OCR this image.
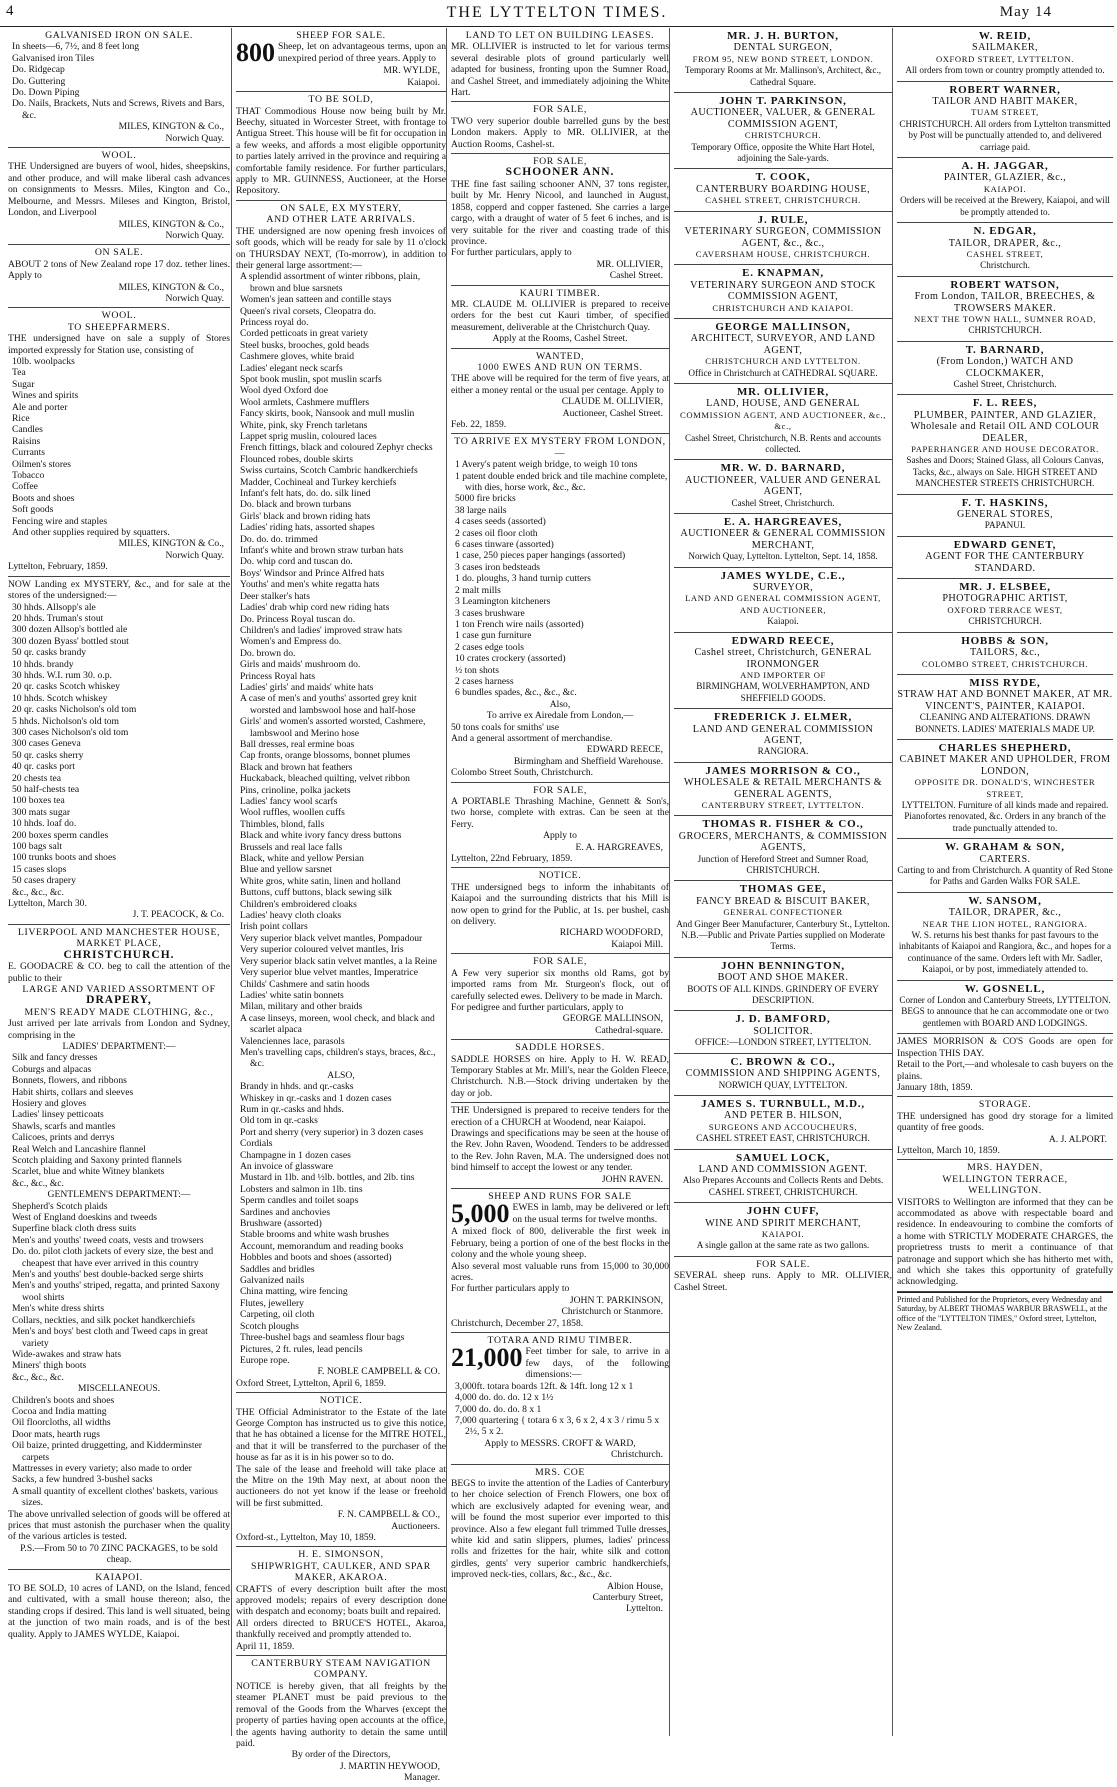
4	THE LYTTELTON TIMES.	May 14
GALVANISED IRON ON SALE.
In sheets—6, 7½, and 8 feet long
Galvanised iron Tiles
Do. Ridgecap
Do. Guttering
Do. Down Piping
Do. Nails, Brackets, Nuts and Screws, Rivets and Bars, &c.
MILES, KINGTON & Co.,
Norwich Quay.
WOOL.
THE Undersigned are buyers of wool, hides, sheepskins, and other produce, and will make liberal cash advances on consignments to Messrs. Miles, Kington and Co., Melbourne, and Messrs. Mileses and Kington, Bristol, London, and Liverpool
MILES, KINGTON & Co.,
Norwich Quay.
ON SALE.
ABOUT 2 tons of New Zealand rope 17 doz. tether lines. Apply to
MILES, KINGTON & Co.,
Norwich Quay.
WOOL.
TO SHEEPFARMERS.
THE undersigned have on sale a supply of Stores imported expressly for Station use, consisting of
10lb. woolpacks
Tea
Sugar
Wines and spirits
Ale and porter
Rice
Candles
Raisins
Currants
Oilmen's stores
Tobacco
Coffee
Boots and shoes
Soft goods
Fencing wire and staples
And other supplies required by squatters.
MILES, KINGTON & Co.,
Norwich Quay.
Lyttelton, February, 1859.
NOW Landing ex MYSTERY, &c., and for sale at the stores of the undersigned:—
30 hhds. Allsopp's ale
20 hhds. Truman's stout
300 dozen Allsop's bottled ale
300 dozen Byass' bottled stout
50 qr. casks brandy
10 hhds. brandy
30 hhds. W.I. rum 30. o.p.
20 qr. casks Scotch whiskey
10 hhds. Scotch whiskey
20 qr. casks Nicholson's old tom
5 hhds. Nicholson's old tom
300 cases Nicholson's old tom
300 cases Geneva
50 qr. casks sherry
40 qr. casks port
20 chests tea
50 half-chests tea
100 boxes tea
300 mats sugar
10 hhds. loaf do.
200 boxes sperm candles
100 bags salt
100 trunks boots and shoes
15 cases slops
50 cases drapery
&c., &c., &c.
Lyttelton, March 30.
J. T. PEACOCK, & Co.
LIVERPOOL AND MANCHESTER HOUSE,
MARKET PLACE,
CHRISTCHURCH.
E. GOODACRE & CO. beg to call the attention of the public to their
LARGE AND VARIED ASSORTMENT OF
DRAPERY,
MEN'S READY MADE CLOTHING, &c.,
Just arrived per late arrivals from London and Sydney, comprising in the
LADIES' DEPARTMENT:—
Silk and fancy dresses
Coburgs and alpacas
Bonnets, flowers, and ribbons
Habit shirts, collars and sleeves
Hosiery and gloves
Ladies' linsey petticoats
Shawls, scarfs and mantles
Calicoes, prints and derrys
Real Welch and Lancashire flannel
Scotch plaiding and Saxony printed flannels
Scarlet, blue and white Witney blankets
&c., &c., &c.
GENTLEMEN'S DEPARTMENT:—
Shepherd's Scotch plaids
West of England doeskins and tweeds
Superfine black cloth dress suits
Men's and youths' tweed coats, vests and trowsers
Do. do. pilot cloth jackets of every size, the best and cheapest that have ever arrived in this country
Men's and youths' best double-backed serge shirts
Men's and youths' striped, regatta, and printed Saxony wool shirts
Men's white dress shirts
Collars, neckties, and silk pocket handkerchiefs
Men's and boys' best cloth and Tweed caps in great variety
Wide-awakes and straw hats
Miners' thigh boots
&c., &c., &c.
MISCELLANEOUS.
Children's boots and shoes
Cocoa and India matting
Oil floorcloths, all widths
Door mats, hearth rugs
Oil baize, printed druggetting, and Kidderminster carpets
Mattresses in every variety; also made to order
Sacks, a few hundred 3-bushel sacks
A small quantity of excellent clothes' baskets, various sizes.
The above unrivalled selection of goods will be offered at prices that must astonish the purchaser when the quality of the various articles is tested.
P.S.—From 50 to 70 ZINC PACKAGES, to be sold cheap.
KAIAPOI.
TO BE SOLD, 10 acres of LAND, on the Island, fenced and cultivated, with a small house thereon; also, the standing crops if desired. This land is well situated, being at the junction of two main roads, and is of the best quality. Apply to JAMES WYLDE, Kaiapoi.
SHEEP FOR SALE.
800 Sheep, let on advantageous terms, upon an unexpired period of three years. Apply to
MR. WYLDE,
Kaiapoi.
TO BE SOLD,
THAT Commodious House now being built by Mr. Beechy, situated in Worcester Street, with frontage to Antigua Street. This house will be fit for occupation in a few weeks, and affords a most eligible opportunity to parties lately arrived in the province and requiring a comfortable family residence. For further particulars, apply to MR. GUINNESS, Auctioneer, at the Horse Repository.
ON SALE, EX MYSTERY,
AND OTHER LATE ARRIVALS.
THE undersigned are now opening fresh invoices of soft goods, which will be ready for sale by 11 o'clock on THURSDAY NEXT, (To-morrow), in addition to their general large assortment:—
A splendid assortment of winter ribbons, plain, brown and blue sarsnets
Women's jean satteen and contille stays
Queen's rival corsets, Cleopatra do.
Princess royal do.
Corded petticoats in great variety
Steel busks, brooches, gold beads
Cashmere gloves, white braid
Ladies' elegant neck scarfs
Spot book muslin, spot muslin scarfs
Wool dyed Oxford doe
Wool armlets, Cashmere mufflers
Fancy skirts, book, Nansook and mull muslin
White, pink, sky French tarletans
Lappet sprig muslin, coloured laces
French fittings, black and coloured Zephyr checks
Flounced robes, double skirts
Swiss curtains, Scotch Cambric handkerchiefs
Madder, Cochineal and Turkey kerchiefs
Infant's felt hats, do. do. silk lined
Do. black and brown turbans
Girls' black and brown riding hats
Ladies' riding hats, assorted shapes
Do. do. do. trimmed
Infant's white and brown straw turban hats
Do. whip cord and tuscan do.
Boys' Windsor and Prince Alfred hats
Youths' and men's white regatta hats
Deer stalker's hats
Ladies' drab whip cord new riding hats
Do. Princess Royal tuscan do.
Children's and ladies' improved straw hats
Women's and Empress do.
Do. brown do.
Girls and maids' mushroom do.
Princess Royal hats
Ladies' girls' and maids' white hats
A case of men's and youths' assorted grey knit worsted and lambswool hose and half-hose
Girls' and women's assorted worsted, Cashmere, lambswool and Merino hose
Ball dresses, real ermine boas
Cap fronts, orange blossoms, bonnet plumes
Black and brown hat feathers
Huckaback, bleached quilting, velvet ribbon
Pins, crinoline, polka jackets
Ladies' fancy wool scarfs
Wool ruffles, woollen cuffs
Thimbles, blond, falls
Black and white ivory fancy dress buttons
Brussels and real lace falls
Black, white and yellow Persian
Blue and yellow sarsnet
White gros, white satin, linen and holland
Buttons, cuff buttons, black sewing silk
Children's embroidered cloaks
Ladies' heavy cloth cloaks
Irish point collars
Very superior black velvet mantles, Pompadour
Very superior coloured velvet mantles, Iris
Very superior black satin velvet mantles, a la Reine
Very superior blue velvet mantles, Imperatrice
Childs' Cashmere and satin hoods
Ladies' white satin bonnets
Milan, military and other braids
A case linseys, moreen, wool check, and black and scarlet alpaca
Valenciennes lace, parasols
Men's travelling caps, children's stays, braces, &c., &c.
ALSO,
Brandy in hhds. and qr.-casks
Whiskey in qr.-casks and 1 dozen cases
Rum in qr.-casks and hhds.
Old tom in qr.-casks
Port and sherry (very superior) in 3 dozen cases
Cordials
Champagne in 1 dozen cases
An invoice of glassware
Mustard in 1lb. and ½lb. bottles, and 2lb. tins
Lobsters and salmon in 1lb. tins
Sperm candles and toilet soaps
Sardines and anchovies
Brushware (assorted)
Stable brooms and white wash brushes
Account, memorandum and reading books
Hobbles and boots and shoes (assorted)
Saddles and bridles
Galvanized nails
China matting, wire fencing
Flutes, jewellery
Carpeting, oil cloth
Scotch ploughs
Three-bushel bags and seamless flour bags
Pictures, 2 ft. rules, lead pencils
Europe rope.
F. NOBLE CAMPBELL & CO.
Oxford Street, Lyttelton, April 6, 1859.
NOTICE.
THE Official Administrator to the Estate of the late George Compton has instructed us to give this notice, that he has obtained a license for the MITRE HOTEL, and that it will be transferred to the purchaser of the house as far as it is in his power so to do.
The sale of the lease and freehold will take place at the Mitre on the 19th May next, at about noon the auctioneers do not yet know if the lease or freehold will be first submitted.
F. N. CAMPBELL & CO.,
Auctioneers.
Oxford-st., Lyttelton, May 10, 1859.
H. E. SIMONSON,
SHIPWRIGHT, CAULKER, AND SPAR
MAKER, AKAROA.
CRAFTS of every description built after the most approved models; repairs of every description done with despatch and economy; boats built and repaired.
All orders directed to BRUCE'S HOTEL, Akaroa, thankfully received and promptly attended to.
April 11, 1859.
CANTERBURY STEAM NAVIGATION
COMPANY.
NOTICE is hereby given, that all freights by the steamer PLANET must be paid previous to the removal of the Goods from the Wharves (except the property of parties having open accounts at the office, the agents having authority to detain the same until paid.
By order of the Directors,
J. MARTIN HEYWOOD,
Manager.
LAND TO LET ON BUILDING LEASES.
MR. OLLIVIER is instructed to let for various terms several desirable plots of ground particularly well adapted for business, fronting upon the Sumner Road, and Cashel Street, and immediately adjoining the White Hart.
FOR SALE,
TWO very superior double barrelled guns by the best London makers. Apply to MR. OLLIVIER, at the Auction Rooms, Cashel-st.
FOR SALE,
SCHOONER ANN.
THE fine fast sailing schooner ANN, 37 tons register, built by Mr. Henry Nicool, and launched in August, 1858, copperd and copper fastened. She carries a large cargo, with a draught of water of 5 feet 6 inches, and is very suitable for the river and coasting trade of this province.
For further particulars, apply to
MR. OLLIVIER,
Cashel Street.
KAURI TIMBER.
MR. CLAUDE M. OLLIVIER is prepared to receive orders for the best cut Kauri timber, of specified measurement, deliverable at the Christchurch Quay.
Apply at the Rooms, Cashel Street.
WANTED,
1000 EWES AND RUN ON TERMS.
THE above will be required for the term of five years, at either a money rental or the usual per centage. Apply to
CLAUDE M. OLLIVIER,
Auctioneer, Cashel Street.
Feb. 22, 1859.
TO ARRIVE EX MYSTERY FROM LONDON,—
1 Avery's patent weigh bridge, to weigh 10 tons
1 patent double ended brick and tile machine complete, with dies, horse work, &c., &c.
5000 fire bricks
38 large nails
4 cases seeds (assorted)
2 cases oil floor cloth
6 cases tinware (assorted)
1 case, 250 pieces paper hangings (assorted)
3 cases iron bedsteads
1 do. ploughs, 3 hand turnip cutters
2 malt mills
3 Leamington kitcheners
3 cases brushware
1 ton French wire nails (assorted)
1 case gun furniture
2 cases edge tools
10 crates crockery (assorted)
½ ton shots
2 cases harness
6 bundles spades, &c., &c., &c.
Also,
To arrive ex Airedale from London,—
50 tons coals for smiths' use
And a general assortment of merchandise.
EDWARD REECE,
Birmingham and Sheffield Warehouse.
Colombo Street South, Christchurch.
FOR SALE,
A PORTABLE Thrashing Machine, Gennett & Son's, two horse, complete with extras. Can be seen at the Ferry.
Apply to
E. A. HARGREAVES,
Lyttelton, 22nd February, 1859.
NOTICE.
THE undersigned begs to inform the inhabitants of Kaiapoi and the surrounding districts that his Mill is now open to grind for the Public, at 1s. per bushel, cash on delivery.
RICHARD WOODFORD,
Kaiapoi Mill.
FOR SALE,
A Few very superior six months old Rams, got by imported rams from Mr. Sturgeon's flock, out of carefully selected ewes. Delivery to be made in March.
For pedigree and further particulars, apply to
GEORGE MALLINSON,
Cathedral-square.
SADDLE HORSES.
SADDLE HORSES on hire. Apply to H. W. READ, Temporary Stables at Mr. Mill's, near the Golden Fleece, Christchurch. N.B.—Stock driving undertaken by the day or job.
THE Undersigned is prepared to receive tenders for the erection of a CHURCH at Woodend, near Kaiapoi.
Drawings and specifications may be seen at the house of the Rev. John Raven, Woodend. Tenders to be addressed to the Rev. John Raven, M.A. The undersigned does not bind himself to accept the lowest or any tender.
JOHN RAVEN.
SHEEP AND RUNS FOR SALE
5,000 EWES in lamb, may be delivered or left on the usual terms for twelve months.
A mixed flock of 800, deliverable the first week in February, being a portion of one of the best flocks in the colony and the whole young sheep.
Also several most valuable runs from 15,000 to 30,000 acres.
For further particulars apply to
JOHN T. PARKINSON,
Christchurch or Stanmore.
Christchurch, December 27, 1858.
TOTARA AND RIMU TIMBER.
21,000 Feet timber for sale, to arrive in a few days, of the following dimensions:—
3,000ft. totara boards 12ft. & 14ft. long 12 x 1
4,000 do. do. do. 12 x 1½
7,000 do. do. do. 8 x 1
7,000 quartering { totara 6 x 3, 6 x 2, 4 x 3 / rimu 5 x 2½, 5 x 2.
Apply to MESSRS. CROFT & WARD,
Christchurch.
MRS. COE
BEGS to invite the attention of the Ladies of Canterbury to her choice selection of French Flowers, one box of which are exclusively adapted for evening wear, and will be found the most superior ever imported to this province. Also a few elegant full trimmed Tulle dresses, white kid and satin slippers, plumes, ladies' princess rolls and frizettes for the hair, white silk and cotton girdles, gents' very superior cambric handkerchiefs, improved neck-ties, collars, &c., &c., &c.
Albion House,
Canterbury Street,
Lyttelton.
MR. J. H. BURTON,
DENTAL SURGEON,
FROM 95, NEW BOND STREET, LONDON.
Temporary Rooms at Mr. Mallinson's, Architect, &c., Cathedral Square.
JOHN T. PARKINSON,
AUCTIONEER, VALUER, & GENERAL COMMISSION AGENT,
CHRISTCHURCH.
Temporary Office, opposite the White Hart Hotel, adjoining the Sale-yards.
T. COOK,
CANTERBURY BOARDING HOUSE,
CASHEL STREET, CHRISTCHURCH.
J. RULE,
VETERINARY SURGEON, COMMISSION AGENT, &c., &c.,
CAVERSHAM HOUSE, CHRISTCHURCH.
E. KNAPMAN,
VETERINARY SURGEON AND STOCK COMMISSION AGENT,
CHRISTCHURCH AND KAIAPOI.
GEORGE MALLINSON,
ARCHITECT, SURVEYOR, AND LAND AGENT,
CHRISTCHURCH AND LYTTELTON.
Office in Christchurch at CATHEDRAL SQUARE.
MR. OLLIVIER,
LAND, HOUSE, AND GENERAL
COMMISSION AGENT, AND AUCTIONEER, &c., &c.,
Cashel Street, Christchurch, N.B. Rents and accounts collected.
MR. W. D. BARNARD,
AUCTIONEER, VALUER AND GENERAL AGENT,
Cashel Street, Christchurch.
E. A. HARGREAVES,
AUCTIONEER & GENERAL COMMISSION MERCHANT,
Norwich Quay, Lyttelton. Lyttelton, Sept. 14, 1858.
JAMES WYLDE, C.E.,
SURVEYOR,
LAND AND GENERAL COMMISSION AGENT, AND AUCTIONEER,
Kaiapoi.
EDWARD REECE,
Cashel street, Christchurch, GENERAL IRONMONGER
AND IMPORTER OF
BIRMINGHAM, WOLVERHAMPTON, AND SHEFFIELD GOODS.
FREDERICK J. ELMER,
LAND AND GENERAL COMMISSION AGENT,
RANGIORA.
JAMES MORRISON & CO.,
WHOLESALE & RETAIL MERCHANTS & GENERAL AGENTS,
CANTERBURY STREET, LYTTELTON.
THOMAS R. FISHER & CO.,
GROCERS, MERCHANTS, & COMMISSION AGENTS,
Junction of Hereford Street and Sumner Road, CHRISTCHURCH.
THOMAS GEE,
FANCY BREAD & BISCUIT BAKER,
GENERAL CONFECTIONER
And Ginger Beer Manufacturer, Canterbury St., Lyttelton. N.B.—Public and Private Parties supplied on Moderate Terms.
JOHN BENNINGTON,
BOOT AND SHOE MAKER.
BOOTS OF ALL KINDS. GRINDERY OF EVERY DESCRIPTION.
J. D. BAMFORD,
SOLICITOR.
OFFICE:—LONDON STREET, LYTTELTON.
C. BROWN & CO.,
COMMISSION AND SHIPPING AGENTS,
NORWICH QUAY, LYTTELTON.
JAMES S. TURNBULL, M.D.,
AND PETER B. HILSON,
SURGEONS AND ACCOUCHEURS,
CASHEL STREET EAST, CHRISTCHURCH.
SAMUEL LOCK,
LAND AND COMMISSION AGENT.
Also Prepares Accounts and Collects Rents and Debts. CASHEL STREET, CHRISTCHURCH.
JOHN CUFF,
WINE AND SPIRIT MERCHANT,
KAIAPOI.
A single gallon at the same rate as two gallons.
FOR SALE.
SEVERAL sheep runs. Apply to MR. OLLIVIER, Cashel Street.
W. REID,
SAILMAKER,
OXFORD STREET, LYTTELTON.
All orders from town or country promptly attended to.
ROBERT WARNER,
TAILOR AND HABIT MAKER,
TUAM STREET,
CHRISTCHURCH. All orders from Lyttelton transmitted by Post will be punctually attended to, and delivered carriage paid.
A. H. JAGGAR,
PAINTER, GLAZIER, &c.,
KAIAPOI.
Orders will be received at the Brewery, Kaiapoi, and will be promptly attended to.
N. EDGAR,
TAILOR, DRAPER, &c.,
CASHEL STREET,
Christchurch.
ROBERT WATSON,
From London, TAILOR, BREECHES, & TROWSERS MAKER.
NEXT THE TOWN HALL, SUMNER ROAD,
CHRISTCHURCH.
T. BARNARD,
(From London,) WATCH AND CLOCKMAKER,
Cashel Street, Christchurch.
F. L. REES,
PLUMBER, PAINTER, AND GLAZIER, Wholesale and Retail OIL AND COLOUR DEALER,
PAPERHANGER AND HOUSE DECORATOR.
Sashes and Doors; Stained Glass, all Colours Canvas, Tacks, &c., always on Sale. HIGH STREET AND MANCHESTER STREETS CHRISTCHURCH.
F. T. HASKINS,
GENERAL STORES,
PAPANUI.
EDWARD GENET,
AGENT FOR THE CANTERBURY STANDARD.
MR. J. ELSBEE,
PHOTOGRAPHIC ARTIST,
OXFORD TERRACE WEST,
CHRISTCHURCH.
HOBBS & SON,
TAILORS, &c.,
COLOMBO STREET, CHRISTCHURCH.
MISS RYDE,
STRAW HAT AND BONNET MAKER, AT MR. VINCENT'S, PAINTER, KAIAPOI.
CLEANING AND ALTERATIONS. DRAWN BONNETS. LADIES' MATERIALS MADE UP.
CHARLES SHEPHERD,
CABINET MAKER AND UPHOLDER, FROM LONDON,
OPPOSITE DR. DONALD'S, WINCHESTER STREET,
LYTTELTON. Furniture of all kinds made and repaired. Pianofortes renovated, &c. Orders in any branch of the trade punctually attended to.
W. GRAHAM & SON,
CARTERS.
Carting to and from Christchurch. A quantity of Red Stone for Paths and Garden Walks FOR SALE.
W. SANSOM,
TAILOR, DRAPER, &c.,
NEAR THE LION HOTEL, RANGIORA.
W. S. returns his best thanks for past favours to the inhabitants of Kaiapoi and Rangiora, &c., and hopes for a continuance of the same. Orders left with Mr. Sadler, Kaiapoi, or by post, immediately attended to.
W. GOSNELL,
Corner of London and Canterbury Streets, LYTTELTON. BEGS to announce that he can accommodate one or two gentlemen with BOARD AND LODGINGS.
JAMES MORRISON & CO'S Goods are open for Inspection THIS DAY.
Retail to the Port,—and wholesale to cash buyers on the plains.
January 18th, 1859.
STORAGE.
THE undersigned has good dry storage for a limited quantity of free goods.
A. J. ALPORT.
Lyttelton, March 10, 1859.
MRS. HAYDEN,
WELLINGTON TERRACE,
WELLINGTON.
VISITORS to Wellington are informed that they can be accommodated as above with respectable board and residence. In endeavouring to combine the comforts of a home with STRICTLY MODERATE CHARGES, the proprietress trusts to merit a continuance of that patronage and support which she has hitherto met with, and which she takes this opportunity of gratefully acknowledging.
Printed and Published for the Proprietors, every Wednesday and Saturday, by ALBERT THOMAS WARBUR BRASWELL, at the office of the "LYTTELTON TIMES," Oxford street, Lyttelton, New Zealand.
